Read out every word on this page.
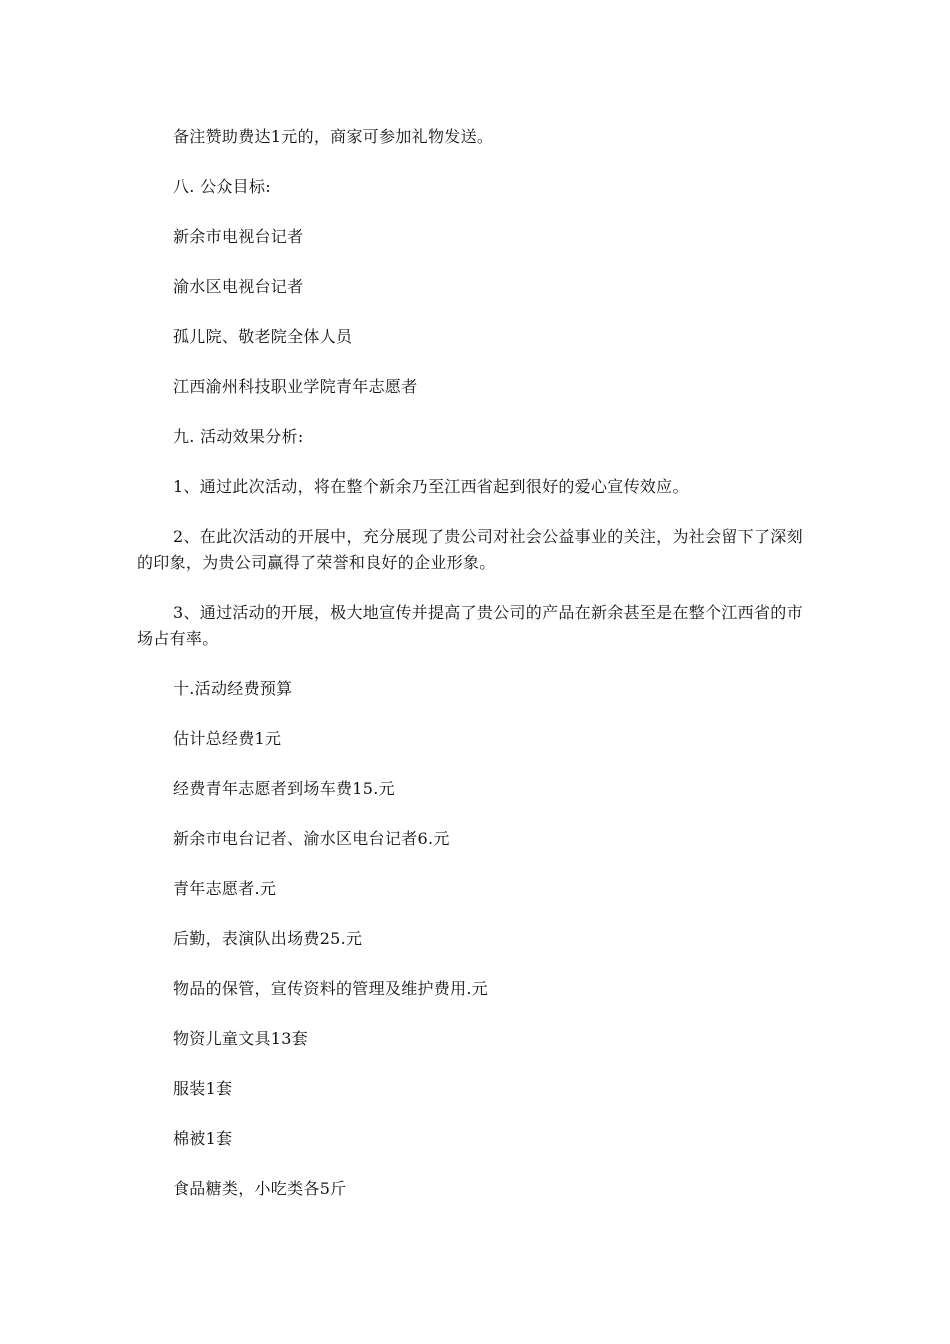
备注赞助费达1元的，商家可参加礼物发送。

八. 公众目标:

新余市电视台记者

渝水区电视台记者

孤儿院、敬老院全体人员

江西渝州科技职业学院青年志愿者

九. 活动效果分析:

1、通过此次活动，将在整个新余乃至江西省起到很好的爱心宣传效应。

2、在此次活动的开展中，充分展现了贵公司对社会公益事业的关注，为社会留下了深刻的印象，为贵公司赢得了荣誉和良好的企业形象。

3、通过活动的开展，极大地宣传并提高了贵公司的产品在新余甚至是在整个江西省的市场占有率。

十.活动经费预算

估计总经费1元

经费青年志愿者到场车费15.元

新余市电台记者、渝水区电台记者6.元

青年志愿者.元

后勤，表演队出场费25.元

物品的保管，宣传资料的管理及维护费用.元

物资儿童文具13套

服装1套

棉被1套

食品糖类，小吃类各5斤
